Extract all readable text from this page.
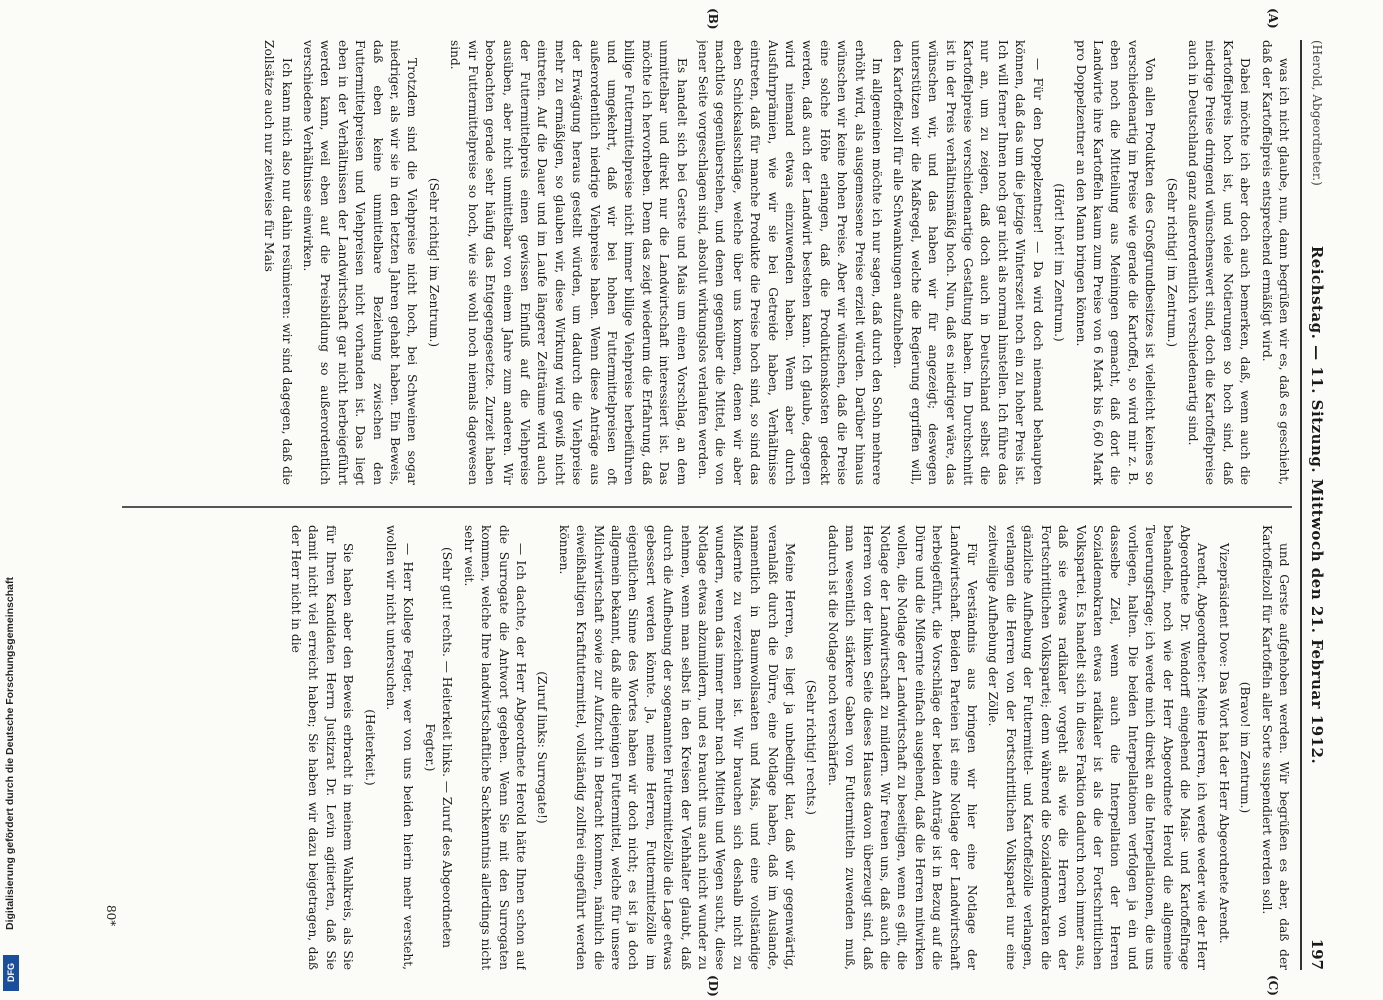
(Herold, Abgeordneter.)
Reichstag. — 11. Sitzung. Mittwoch den 21. Februar 1912.
197
(A)
(B)
(C)
(D)

was ich nicht glaube, nun, dann begrüßen wir es, daß es geschieht, daß der Kartoffelpreis entsprechend ermäßigt wird.

Dabei möchte ich aber doch auch bemerken, daß, wenn auch die Kartoffelpreis hoch ist, und viele Notierungen so hoch sind, daß niedrige Preise dringend wünschenswert sind, doch die Kartoffelpreise auch in Deutschland ganz außerordentlich verschiedenartig sind.

(Sehr richtig! im Zentrum.)

Von allen Produkten des Großgrundbesitzes ist vielleicht keines so verschiedenartig im Preise wie gerade die Kartoffel, so wird mir z. B. eben noch die Mitteilung aus Meiningen gemacht, daß dort die Landwirte ihre Kartoffeln kaum zum Preise von 6 Mark bis 6,60 Mark pro Doppelzentner an den Mann bringen können.

(Hört! hört! im Zentrum.)

— Für den Doppelzentner! — Da wird doch niemand behaupten können, daß das um die jetzige Winterszeit noch ein zu hoher Preis ist. Ich will ferner Ihnen noch gar nicht als normal hinstellen. Ich führe das nur an, um zu zeigen, daß doch auch in Deutschland selbst die Kartoffelpreise verschiedenartige Gestaltung haben. Im Durchschnitt ist in der Preis verhältnismäßig hoch. Nun, daß es niedriger wäre, das wünschen wir, und das haben wir für angezeigt; deswegen unterstützen wir die Maßregel, welche die Regierung ergriffen will, den Kartoffelzoll für alle Schwankungen aufzuheben.

Im allgemeinen möchte ich nur sagen, daß durch den Sohn mehrere erhöht wird, als ausgemessene Preise erzielt würden. Darüber hinaus wünschen wir keine hohen Preise. Aber wir wünschen, daß die Preise eine solche Höhe erlangen, daß die Produktionskosten gedeckt werden, daß auch der Landwirt bestehen kann. Ich glaube, dagegen wird niemand etwas einzuwenden haben. Wenn aber durch Ausfuhrprämien, wie wir sie bei Getreide haben, Verhältnisse eintreten, daß für manche Produkte die Preise hoch sind, so sind das eben Schicksalsschläge, welche über uns kommen, denen wir aber machtlos gegenüberstehen, und denen gegenüber die Mittel, die von jener Seite vorgeschlagen sind, absolut wirkungslos verlaufen werden.

Es handelt sich bei Gerste und Mais um einen Vorschlag, an dem unmittelbar und direkt nur die Landwirtschaft interessiert ist. Das möchte ich hervorheben. Denn das zeigt wiederum die Erfahrung, daß billige Futtermittelpreise nicht immer billige Viehpreise herbeiführen und umgekehrt, daß wir bei hohen Futtermittelpreisen oft außerordentlich niedrige Viehpreise haben. Wenn diese Anträge aus der Erwägung heraus gestellt würden, um dadurch die Viehpreise mehr zu ermäßigen, so glauben wir, diese Wirkung wird gewiß nicht eintreten. Auf die Dauer und im Laufe längerer Zeiträume wird auch der Futtermittelpreis einen gewissen Einfluß auf die Viehpreise ausüben, aber nicht unmittelbar von einem Jahre zum anderen. Wir beobachten gerade sehr häufig das Entgegengesetzte. Zurzeit haben wir Futtermittelpreise so hoch, wie sie wohl noch niemals dagewesen sind.

(Sehr richtig! im Zentrum.)

Trotzdem sind die Viehpreise nicht hoch, bei Schweinen sogar niedriger, als wir sie in den letzten Jahren gehabt haben. Ein Beweis, daß eben keine unmittelbare Beziehung zwischen den Futtermittelpreisen und Viehpreisen nicht vorhanden ist. Das liegt eben in der Verhältnissen der Landwirtschaft gar nicht herbeigeführt werden kann, weil eben auf die Preisbildung so außerordentlich verschiedene Verhältnisse einwirken.

Ich kann mich also nur dahin resümieren: wir sind dagegen, daß die Zollsätze auch nur zeitweise für Mais

und Gerste aufgehoben werden. Wir begrüßen es aber, daß der Kartoffelzoll für Kartoffeln aller Sorte suspendiert werden soll.

(Bravo! im Zentrum.)

Vizepräsident Dove: Das Wort hat der Herr Abgeordnete Arendt.

Arendt, Abgeordneter: Meine Herren, ich werde weder wie der Herr Abgeordnete Dr. Wendorff eingehend die Mais- und Kartoffelfrage behandeln, noch wie der Herr Abgeordnete Herold die allgemeine Teuerungsfrage; ich werde mich direkt an die Interpellationen, die uns vorliegen, halten. Die beiden Interpellationen verfolgen ja ein und dasselbe Ziel, wenn auch die Interpellation der Herren Sozialdemokraten etwas radikaler ist als die der Fortschrittlichen Volkspartei. Es handelt sich in diese Fraktion dadurch noch immer aus, daß sie etwas radikaler vorgeht als wie die Herren von der Fortschrittlichen Volkspartei; denn während die Sozialdemokraten die gänzliche Aufhebung der Futtermittel- und Kartoffelzölle verlangen, verlangen die Herren von der Fortschrittlichen Volkspartei nur eine zeitweilige Aufhebung der Zölle.

Für Verständnis aus bringen wir hier eine Notlage der Landwirtschaft. Beiden Parteien ist eine Notlage der Landwirtschaft herbeigeführt, die Vorschläge der beiden Anträge ist in Bezug auf die Dürre und die Mißernte einfach ausgehend, daß die Herren mitwirken wollen, die Notlage der Landwirtschaft zu beseitigen, wenn es gilt, die Notlage der Landwirtschaft zu mildern. Wir freuen uns, daß auch die Herren von der linken Seite dieses Hauses davon überzeugt sind, daß man wesentlich stärkere Gaben von Futtermitteln zuwenden muß, dadurch ist die Notlage noch verschärfen.

(Sehr richtig! rechts.)

Meine Herren, es liegt ja unbedingt klar, daß wir gegenwärtig, veranlaßt durch die Dürre, eine Notlage haben, daß im Auslande, namentlich in Baumwollsaaten und Mais, und eine vollständige Mißernte zu verzeichnen ist. Wir brauchen sich deshalb nicht zu wundern, wenn das immer mehr nach Mitteln und Wegen sucht, diese Notlage etwas abzumildern, und es braucht uns auch nicht wunder zu nehmen, wenn man selbst in den Kreisen der Viehhalter glaubt, daß durch die Aufhebung der sogenannten Futtermittelzölle die Lage etwas gebessert werden könnte. Ja, meine Herren, Futtermittelzölle im eigentlichen Sinne des Wortes haben wir doch nicht; es ist ja doch allgemein bekannt, daß alle diejenigen Futtermittel, welche für unsere Milchwirtschaft sowie zur Aufzucht in Betracht kommen, nämlich die eiweißhaltigen Kraftfuttermittel, vollständig zollfrei eingeführt werden können.

(Zuruf links: Surrogate!)

— Ich dachte, der Herr Abgeordnete Herold hätte Ihnen schon auf die Surrogate die Antwort gegeben. Wenn Sie mit den Surrogaten kommen, welche Ihre landwirtschaftliche Sachkenntnis allerdings nicht sehr weit.

(Sehr gut! rechts. — Heiterkeit links. — Zuruf des Abgeordneten Fegter.)

— Herr Kollege Fegter, wer von uns beiden hierin mehr versteht, wollen wir nicht untersuchen.

(Heiterkeit.)

Sie haben aber den Beweis erbracht in meinem Wahlkreis, als Sie für Ihren Kandidaten Herrn Justizrat Dr. Levin agitierten, daß Sie damit nicht viel erreicht haben; Sie haben wir dazu beigetragen, daß der Herr nicht in die

80*
Digitalisierung gefördert durch die Deutsche Forschungsgemeinschaft
DFG
